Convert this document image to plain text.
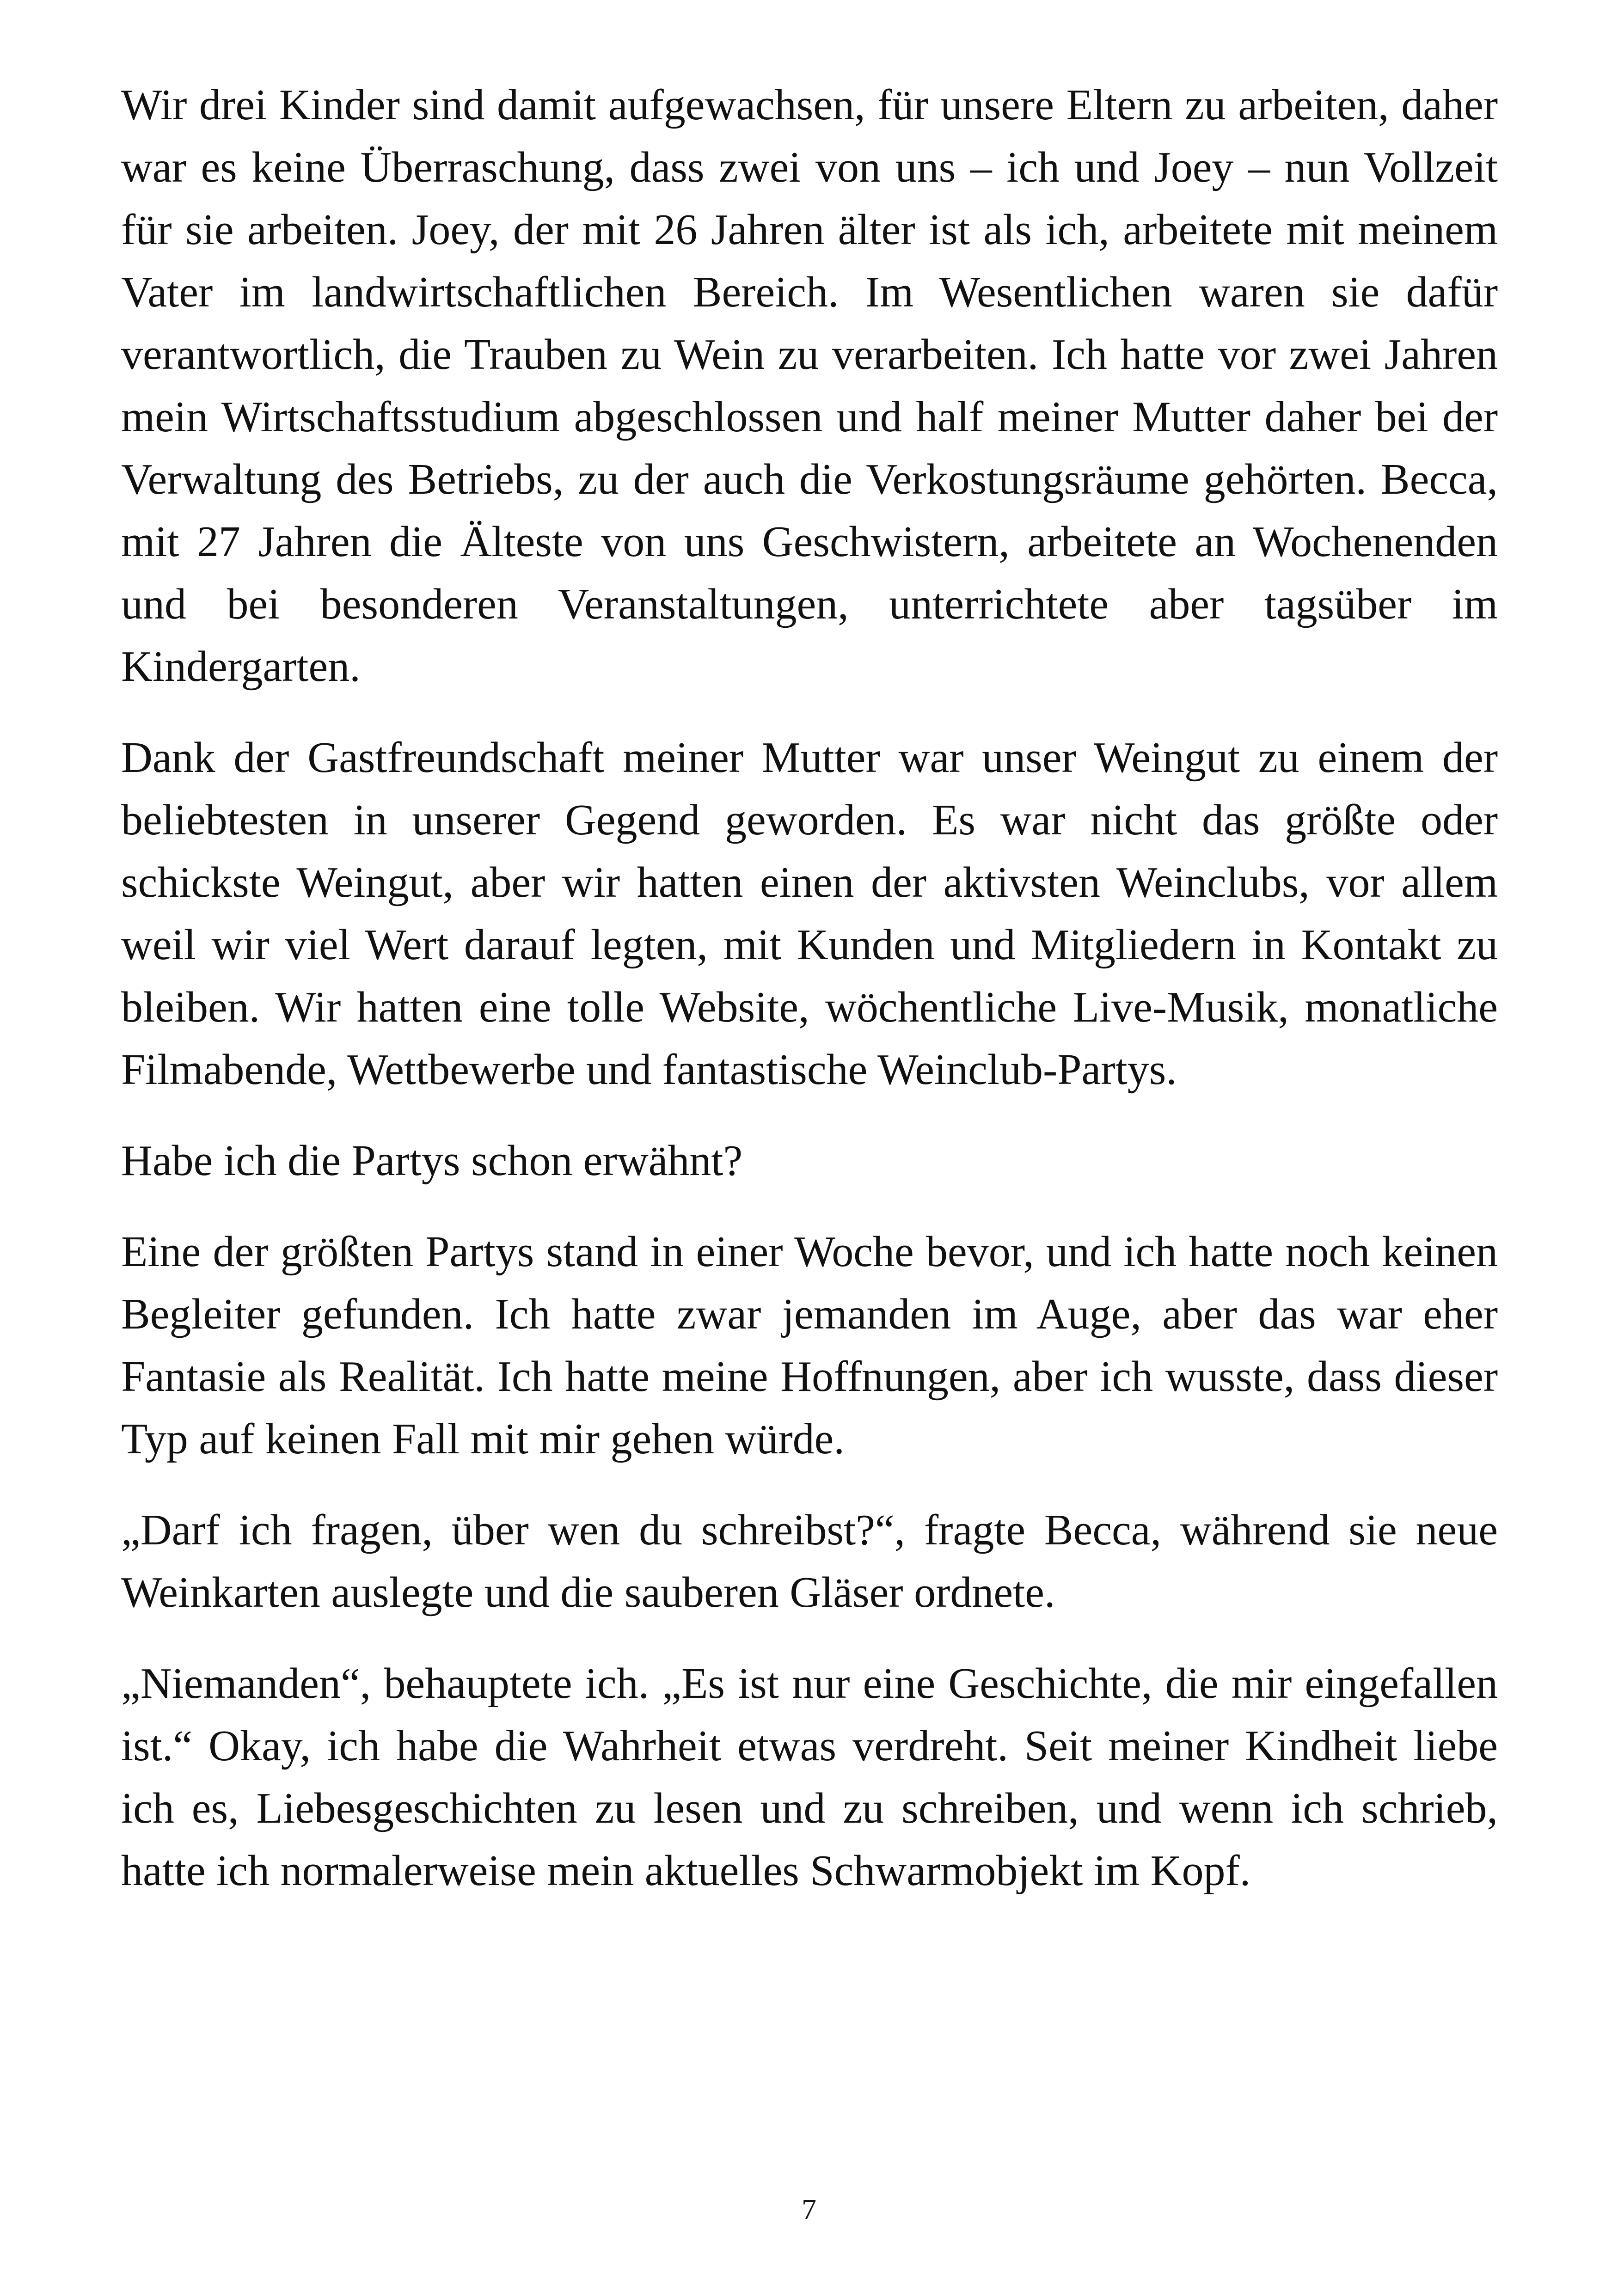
Wir drei Kinder sind damit aufgewachsen, für unsere Eltern zu arbeiten, daher war es keine Überraschung, dass zwei von uns – ich und Joey – nun Vollzeit für sie arbeiten. Joey, der mit 26 Jahren älter ist als ich, arbeitete mit meinem Vater im landwirtschaftlichen Bereich. Im Wesentlichen waren sie dafür verantwortlich, die Trauben zu Wein zu verarbeiten. Ich hatte vor zwei Jahren mein Wirtschaftsstudium abgeschlossen und half meiner Mutter daher bei der Verwaltung des Betriebs, zu der auch die Verkostungsräume gehörten. Becca, mit 27 Jahren die Älteste von uns Geschwistern, arbeitete an Wochenenden und bei besonderen Veranstaltungen, unterrichtete aber tagsüber im Kindergarten.

Dank der Gastfreundschaft meiner Mutter war unser Weingut zu einem der beliebtesten in unserer Gegend geworden. Es war nicht das größte oder schickste Weingut, aber wir hatten einen der aktivsten Weinclubs, vor allem weil wir viel Wert darauf legten, mit Kunden und Mitgliedern in Kontakt zu bleiben. Wir hatten eine tolle Website, wöchentliche Live-Musik, monatliche Filmabende, Wettbewerbe und fantastische Weinclub-Partys.

Habe ich die Partys schon erwähnt?

Eine der größten Partys stand in einer Woche bevor, und ich hatte noch keinen Begleiter gefunden. Ich hatte zwar jemanden im Auge, aber das war eher Fantasie als Realität. Ich hatte meine Hoffnungen, aber ich wusste, dass dieser Typ auf keinen Fall mit mir gehen würde.

„Darf ich fragen, über wen du schreibst?“, fragte Becca, während sie neue Weinkarten auslegte und die sauberen Gläser ordnete.

„Niemanden“, behauptete ich. „Es ist nur eine Geschichte, die mir eingefallen ist.“ Okay, ich habe die Wahrheit etwas verdreht. Seit meiner Kindheit liebe ich es, Liebesgeschichten zu lesen und zu schreiben, und wenn ich schrieb, hatte ich normalerweise mein aktuelles Schwarmobjekt im Kopf.

7
